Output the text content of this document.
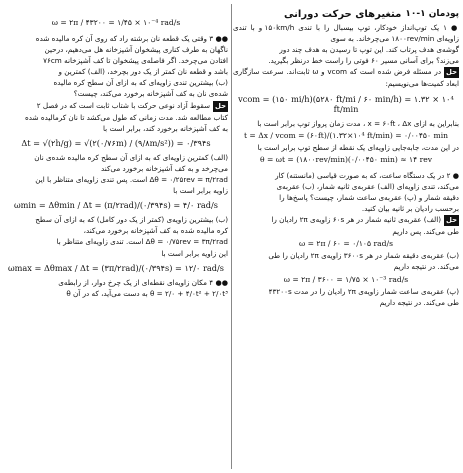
پودمان ۱-۱۰
متغیرهای حرکت دورانی

● ۱ یک توپ‌انداز خودکار، توپ بیسبال را با تندی ۱۵۰km/h و با تندی زاویه‌ای ۱۸۰۰rev/min می‌چرخاند. به سوی

گوشه‌ی هدف پرتاب کند. این توپ تا رسیدن به هدف چند دور

می‌زند؟ برای آسانی مسیر ۶۰ فوتی را راست خط درنظر بگیرید.

حلدر مسئله فرض شده است که vcom و ω ثابت‌اند. سرعت سازگاری ابعاد کمیت‌ها می‌نویسیم:

vcom = (۱۵۰ mi/h)(۵۲۸۰ ft/mi / ۶۰ min/h) = ۱.۳۲ × ۱۰⁴ ft/min

بنابراین به ازای x = ۶۰ft ، Δx ، مدت زمان پرواز توپ برابر است با

t = Δx / vcom = (۶۰ft)/(۱.۳۲×۱۰⁴ ft/min) = ۰/۰۰۴۵۰ min

در این مدت، جابه‌جایی زاویه‌ای یک نقطه از سطح توپ برابر است با

θ = ωt = (۱۸۰۰rev/min)(۰/۰۰۴۵۰ min) ≈ ۱۴ rev

● ۲ در یک دستگاه ساعت، که به صورت قیاسی (مانستنه) کار

می‌کند، تندی زاویه‌ای (الف) عقربه‌ی ثانیه شمار، (ب) عقربه‌ی

دقیقه شمار و (پ) عقربه‌ی ساعت شمار، چیست؟ پاسخ‌ها را

برحسب رادیان بر ثانیه بیان کنید.

حل(الف) عقربه‌ی ثانیه شمار در هر ۶۰s زاویه‌ی ۲π رادیان را

طی می‌کند. پس داریم

ω = ۲π / ۶۰ = ۰/۱۰۵ rad/s

(ب) عقربه‌ی دقیقه شمار در هر ۳۶۰۰s زاویه‌ی ۲π رادیان را طی

می‌کند. در نتیجه داریم

ω = ۲π / ۳۶۰۰ = ۱/۷۵ × ۱۰⁻³ rad/s

(پ) عقربه‌ی ساعت شمار زاویه‌ی ۲π رادیان را در مدت ۴۳۲۰۰s

طی می‌کند. در نتیجه داریم

ω = ۲π / ۴۳۲۰۰ = ۱/۴۵ × ۱۰⁻⁴ rad/s

●● ۳ وقتی یک قطعه نان برشته راد که روی آن کره مالیده شده

ناگهان به طرف کناری پیشخوان آشپزخانه هل می‌دهیم، درحین

افتادن می‌چرخد. اگر فاصله‌ی پیشخوان تا کف آشپزخانه ۷۶cm

باشد و قطعه نان کمتر از یک دور بچرخد، (الف) کمترین و

(ب) بیشترین تندی زاویه‌ای که به ازای آن سطح کره مالیده

شده‌ی نان به کف آشپزخانه برخورد می‌کند، چیست؟

حلسقوط آزاد نوعی حرکت با شتاب ثابت است که در فصل ۲

کتاب مطالعه شد. مدت زمانی که طول می‌کشد تا نان کرمالیده شده

به کف آشپزخانه برخورد کند، برابر است با

Δt = √(۲h/g) = √(۲(۰/۷۶m) / (۹/۸m/s²)) = ۰/۳۹۴s

(الف) کمترین زاویه‌ای که به ازای آن سطح کره مالیده شده‌ی نان

می‌چرخد و به کف آشپزخانه برخورد می‌کند

Δθ = ۰/۲۵rev = π/۲rad است. پس تندی زاویه‌ای متناظر با این

زاویه برابر است با

ωmin = Δθmin / Δt = (π/۲rad)/(۰/۳۹۴s) = ۴/۰ rad/s

(ب) بیشترین زاویه‌ی (کمتر از یک دور کامل) که به ازای آن سطح

کره مالیده شده به کف آشپزخانه برخورد می‌کند،

Δθ = ۰/۷۵rev = ۳π/۲rad است. تندی زاویه‌ای متناظر با

این زاویه برابر است با

ωmax = Δθmax / Δt = (۳π/۲rad)/(۰/۳۹۴s) = ۱۲/۰ rad/s

●● ۴ مکان زاویه‌ای نقطه‌ای از یک چرخ دوار، از رابطه‌ی

θ = ۲/۰ + ۴/۰t² + ۲/۰t³ به دست می‌آید، که در آن θ
